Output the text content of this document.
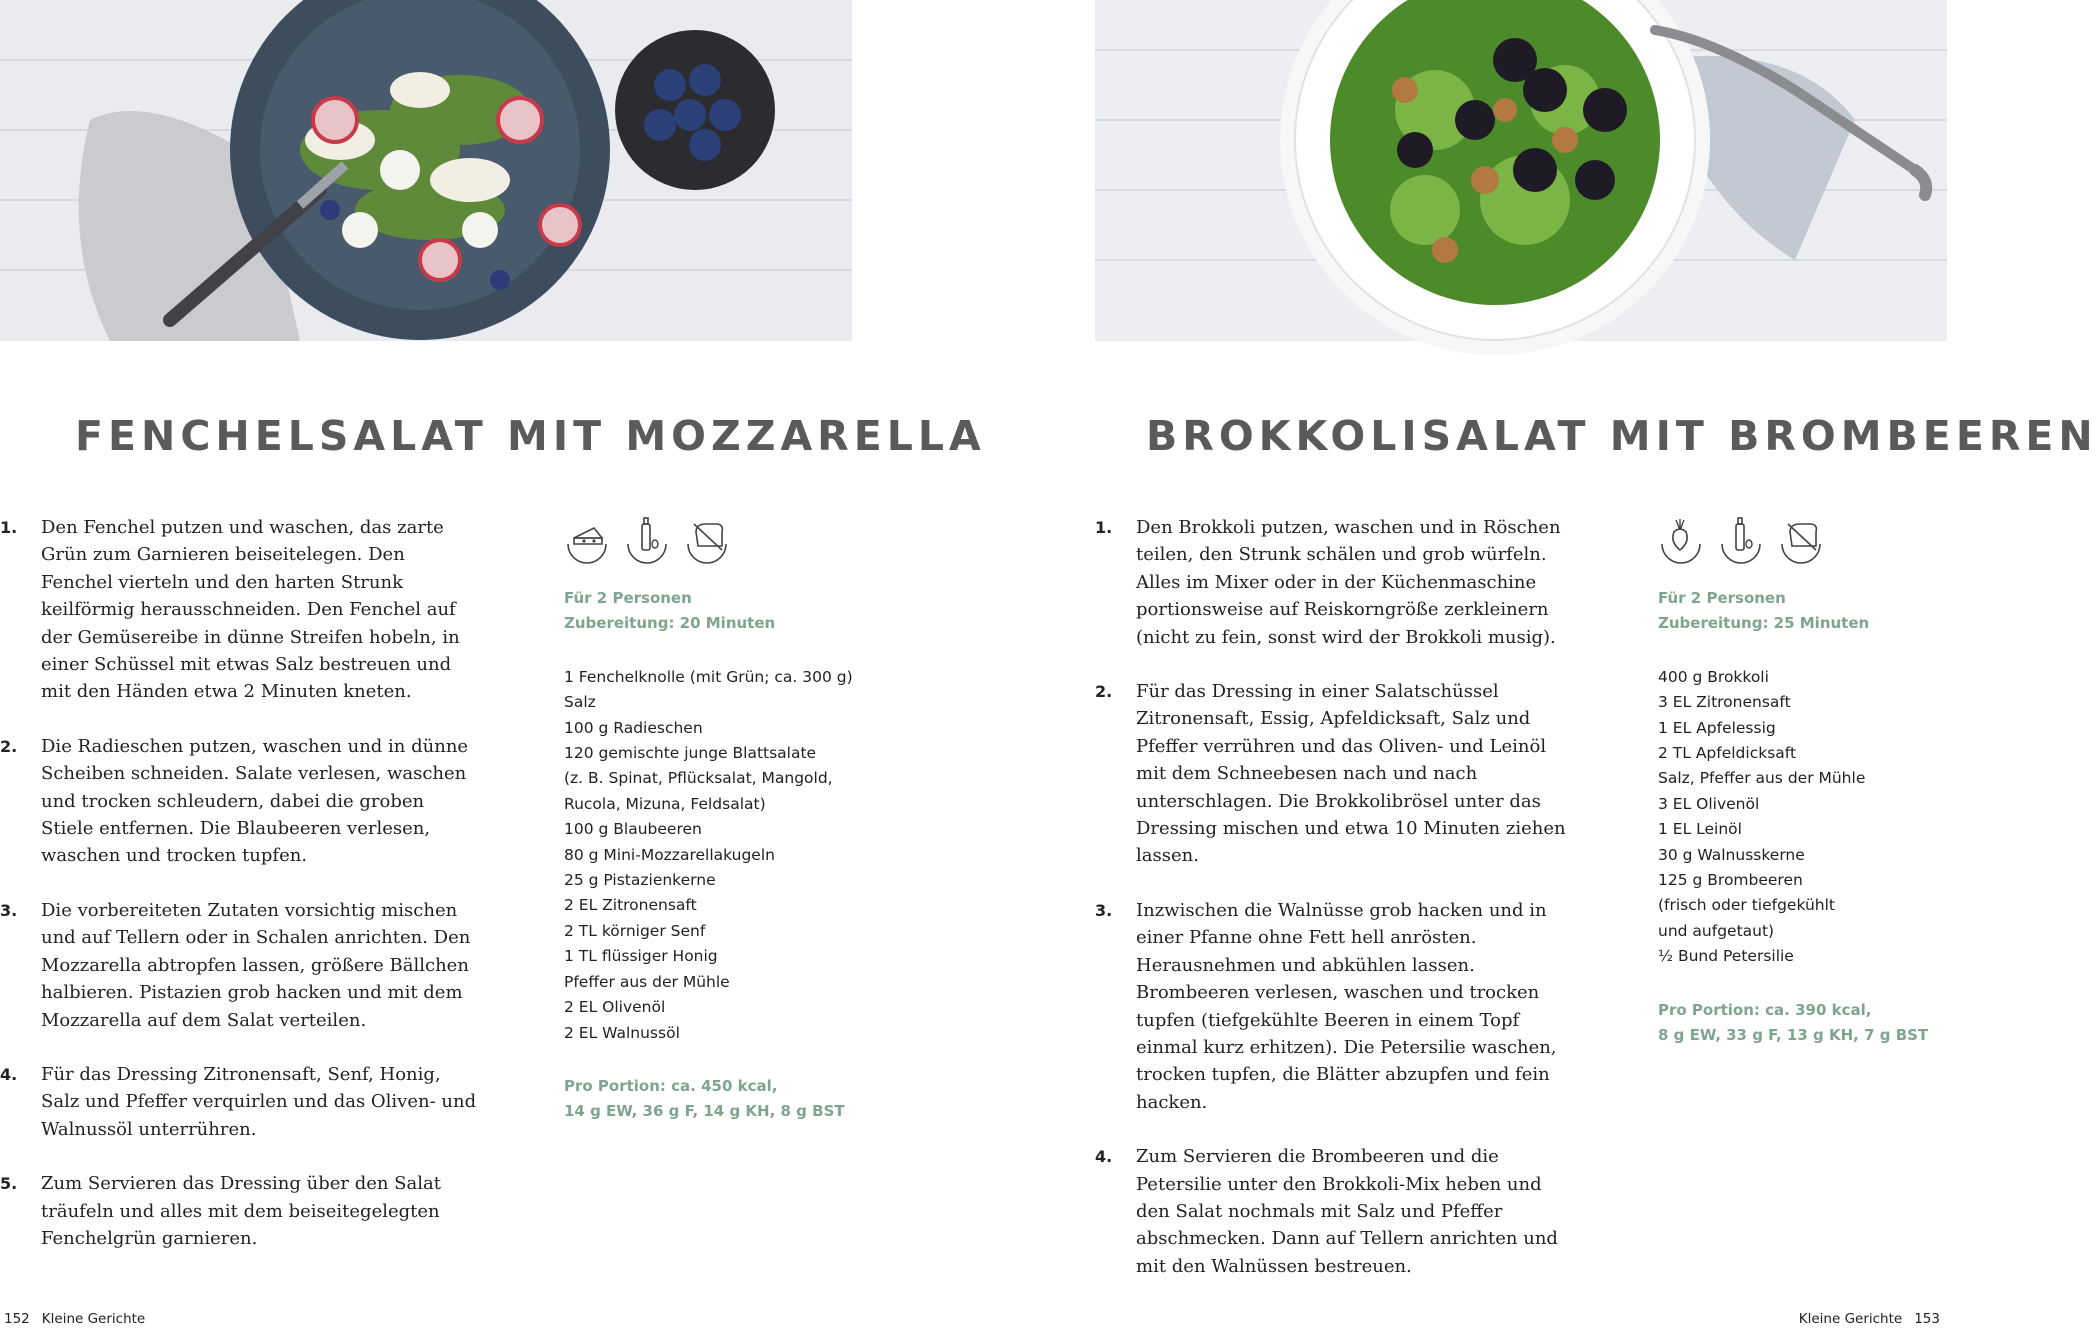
FENCHELSALAT MIT MOZZARELLA
1. Den Fenchel putzen und waschen, das zarte Grün zum Garnieren beiseitelegen. Den Fenchel vierteln und den harten Strunk keilförmig herausschneiden. Den Fenchel auf der Gemüsereibe in dünne Streifen hobeln, in einer Schüssel mit etwas Salz bestreuen und mit den Händen etwa 2 Minuten kneten.
2. Die Radieschen putzen, waschen und in dünne Scheiben schneiden. Salate verlesen, waschen und trocken schleudern, dabei die groben Stiele entfernen. Die Blaubeeren verlesen, waschen und trocken tupfen.
3. Die vorbereiteten Zutaten vorsichtig mischen und auf Tellern oder in Schalen anrichten. Den Mozzarella abtropfen lassen, größere Bällchen halbieren. Pistazien grob hacken und mit dem Mozzarella auf dem Salat verteilen.
4. Für das Dressing Zitronensaft, Senf, Honig, Salz und Pfeffer verquirlen und das Oliven- und Walnussöl unterrühren.
5. Zum Servieren das Dressing über den Salat träufeln und alles mit dem beiseitegelegten Fenchelgrün garnieren.
Für 2 Personen
Zubereitung: 20 Minuten
1 Fenchelknolle (mit Grün; ca. 300 g)
Salz
100 g Radieschen
120 gemischte junge Blattsalate
(z. B. Spinat, Pflücksalat, Mangold,
Rucola, Mizuna, Feldsalat)
100 g Blaubeeren
80 g Mini-Mozzarellakugeln
25 g Pistazienkerne
2 EL Zitronensaft
2 TL körniger Senf
1 TL flüssiger Honig
Pfeffer aus der Mühle
2 EL Olivenöl
2 EL Walnussöl
Pro Portion: ca. 450 kcal,
14 g EW, 36 g F, 14 g KH, 8 g BST
152 Kleine Gerichte
BROKKOLISALAT MIT BROMBEEREN
1. Den Brokkoli putzen, waschen und in Röschen teilen, den Strunk schälen und grob würfeln. Alles im Mixer oder in der Küchenmaschine portionsweise auf Reiskorngröße zerkleinern (nicht zu fein, sonst wird der Brokkoli musig).
2. Für das Dressing in einer Salatschüssel Zitronensaft, Essig, Apfeldicksaft, Salz und Pfeffer verrühren und das Oliven- und Leinöl mit dem Schneebesen nach und nach unterschlagen. Die Brokkolibrösel unter das Dressing mischen und etwa 10 Minuten ziehen lassen.
3. Inzwischen die Walnüsse grob hacken und in einer Pfanne ohne Fett hell anrösten. Herausnehmen und abkühlen lassen. Brombeeren verlesen, waschen und trocken tupfen (tiefgekühlte Beeren in einem Topf einmal kurz erhitzen). Die Petersilie waschen, trocken tupfen, die Blätter abzupfen und fein hacken.
4. Zum Servieren die Brombeeren und die Petersilie unter den Brokkoli-Mix heben und den Salat nochmals mit Salz und Pfeffer abschmecken. Dann auf Tellern anrichten und mit den Walnüssen bestreuen.
Für 2 Personen
Zubereitung: 25 Minuten
400 g Brokkoli
3 EL Zitronensaft
1 EL Apfelessig
2 TL Apfeldicksaft
Salz, Pfeffer aus der Mühle
3 EL Olivenöl
1 EL Leinöl
30 g Walnusskerne
125 g Brombeeren
(frisch oder tiefgekühlt
und aufgetaut)
½ Bund Petersilie
Pro Portion: ca. 390 kcal,
8 g EW, 33 g F, 13 g KH, 7 g BST
Kleine Gerichte 153
